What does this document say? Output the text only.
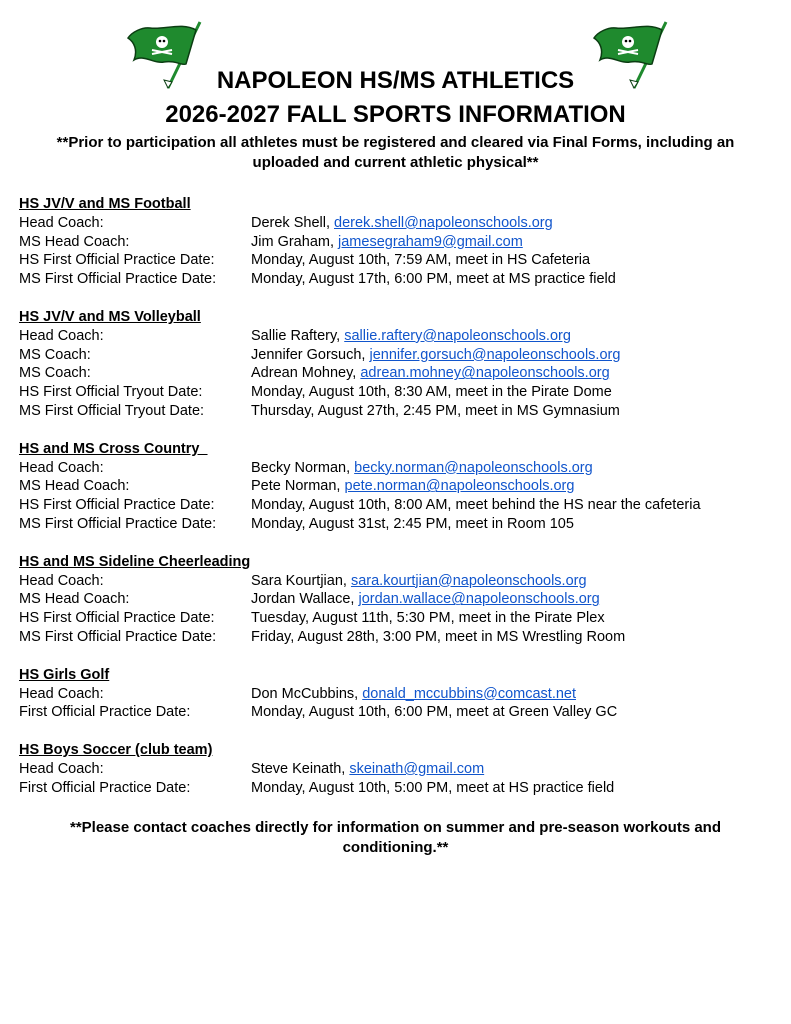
NAPOLEON HS/MS ATHLETICS
2026-2027 FALL SPORTS INFORMATION

**Prior to participation all athletes must be registered and cleared via Final Forms, including an uploaded and current athletic physical**

HS JV/V and MS Football
Head Coach:	Derek Shell, derek.shell@napoleonschools.org
MS Head Coach:	Jim Graham, jamesegraham9@gmail.com
HS First Official Practice Date:	Monday, August 10th, 7:59 AM, meet in HS Cafeteria
MS First Official Practice Date:	Monday, August 17th, 6:00 PM, meet at MS practice field
HS JV/V and MS Volleyball
Head Coach:	Sallie Raftery, sallie.raftery@napoleonschools.org
MS Coach:	Jennifer Gorsuch, jennifer.gorsuch@napoleonschools.org
MS Coach:	Adrean Mohney, adrean.mohney@napoleonschools.org
HS First Official Tryout Date:	Monday, August 10th, 8:30 AM, meet in the Pirate Dome
MS First Official Tryout Date:	Thursday, August 27th, 2:45 PM, meet in MS Gymnasium
HS and MS Cross Country
Head Coach:	Becky Norman, becky.norman@napoleonschools.org
MS Head Coach:	Pete Norman, pete.norman@napoleonschools.org
HS First Official Practice Date:	Monday, August 10th, 8:00 AM, meet behind the HS near the cafeteria
MS First Official Practice Date:	Monday, August 31st, 2:45 PM, meet in Room 105
HS and MS Sideline Cheerleading
Head Coach:	Sara Kourtjian, sara.kourtjian@napoleonschools.org
MS Head Coach:	Jordan Wallace, jordan.wallace@napoleonschools.org
HS First Official Practice Date:	Tuesday, August 11th, 5:30 PM, meet in the Pirate Plex
MS First Official Practice Date:	Friday, August 28th, 3:00 PM, meet in MS Wrestling Room
HS Girls Golf
Head Coach:	Don McCubbins, donald_mccubbins@comcast.net
First Official Practice Date:	Monday, August 10th, 6:00 PM, meet at Green Valley GC
HS Boys Soccer (club team)
Head Coach:	Steve Keinath, skeinath@gmail.com
First Official Practice Date:	Monday, August 10th, 5:00 PM, meet at HS practice field

**Please contact coaches directly for information on summer and pre-season workouts and conditioning.**
